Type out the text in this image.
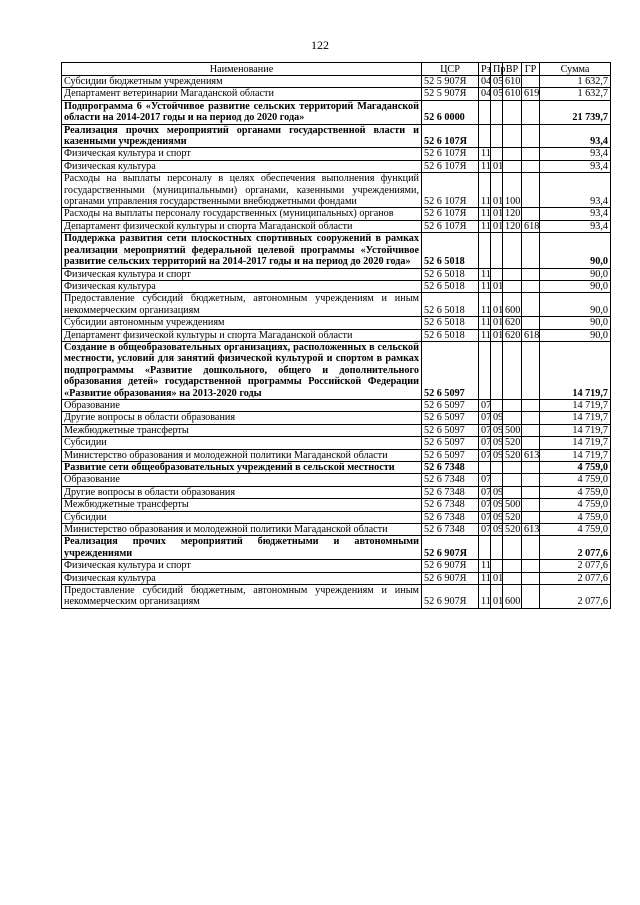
122
Наименование	ЦСР	Рз	Пр	ВР	ГР	Сумма
Субсидии бюджетным учреждениям	52 5 907Я	04	05	610		1 632,7
Департамент ветеринарии Магаданской области	52 5 907Я	04	05	610	619	1 632,7
Подпрограмма 6 «Устойчивое развитие сельских территорий Магаданской области на 2014-2017 годы и на период до 2020 года»	52 6 0000					21 739,7
Реализация прочих мероприятий органами государственной власти и казенными учреждениями	52 6 107Я					93,4
Физическая культура и спорт	52 6 107Я	11				93,4
Физическая культура	52 6 107Я	11	01			93,4
Расходы на выплаты персоналу в целях обеспечения выполнения функций государственными (муниципальными) органами, казенными учреждениями, органами управления государственными внебюджетными фондами	52 6 107Я	11	01	100		93,4
Расходы на выплаты персоналу государственных (муниципальных) органов	52 6 107Я	11	01	120		93,4
Департамент физической культуры и спорта Магаданской области	52 6 107Я	11	01	120	618	93,4
Поддержка развития сети плоскостных спортивных сооружений в рамках реализации мероприятий федеральной целевой программы «Устойчивое развитие сельских территорий на 2014-2017 годы и на период до 2020 года»	52 6 5018					90,0
Физическая культура и спорт	52 6 5018	11				90,0
Физическая культура	52 6 5018	11	01			90,0
Предоставление субсидий бюджетным, автономным учреждениям и иным некоммерческим организациям	52 6 5018	11	01	600		90,0
Субсидии автономным учреждениям	52 6 5018	11	01	620		90,0
Департамент физической культуры и спорта Магаданской области	52 6 5018	11	01	620	618	90,0
Создание в общеобразовательных организациях, расположенных в сельской местности, условий для занятий физической культурой и спортом в рамках подпрограммы «Развитие дошкольного, общего и дополнительного образования детей» государственной программы Российской Федерации «Развитие образования» на 2013-2020 годы	52 6 5097					14 719,7
Образование	52 6 5097	07				14 719,7
Другие вопросы в области образования	52 6 5097	07	09			14 719,7
Межбюджетные трансферты	52 6 5097	07	09	500		14 719,7
Субсидии	52 6 5097	07	09	520		14 719,7
Министерство образования и молодежной политики Магаданской области	52 6 5097	07	09	520	613	14 719,7
Развитие сети общеобразовательных учреждений в сельской местности	52 6 7348					4 759,0
Образование	52 6 7348	07				4 759,0
Другие вопросы в области образования	52 6 7348	07	09			4 759,0
Межбюджетные трансферты	52 6 7348	07	09	500		4 759,0
Субсидии	52 6 7348	07	09	520		4 759,0
Министерство образования и молодежной политики Магаданской области	52 6 7348	07	09	520	613	4 759,0
Реализация прочих мероприятий бюджетными и автономными учреждениями	52 6 907Я					2 077,6
Физическая культура и спорт	52 6 907Я	11				2 077,6
Физическая культура	52 6 907Я	11	01			2 077,6
Предоставление субсидий бюджетным, автономным учреждениям и иным некоммерческим организациям	52 6 907Я	11	01	600		2 077,6
